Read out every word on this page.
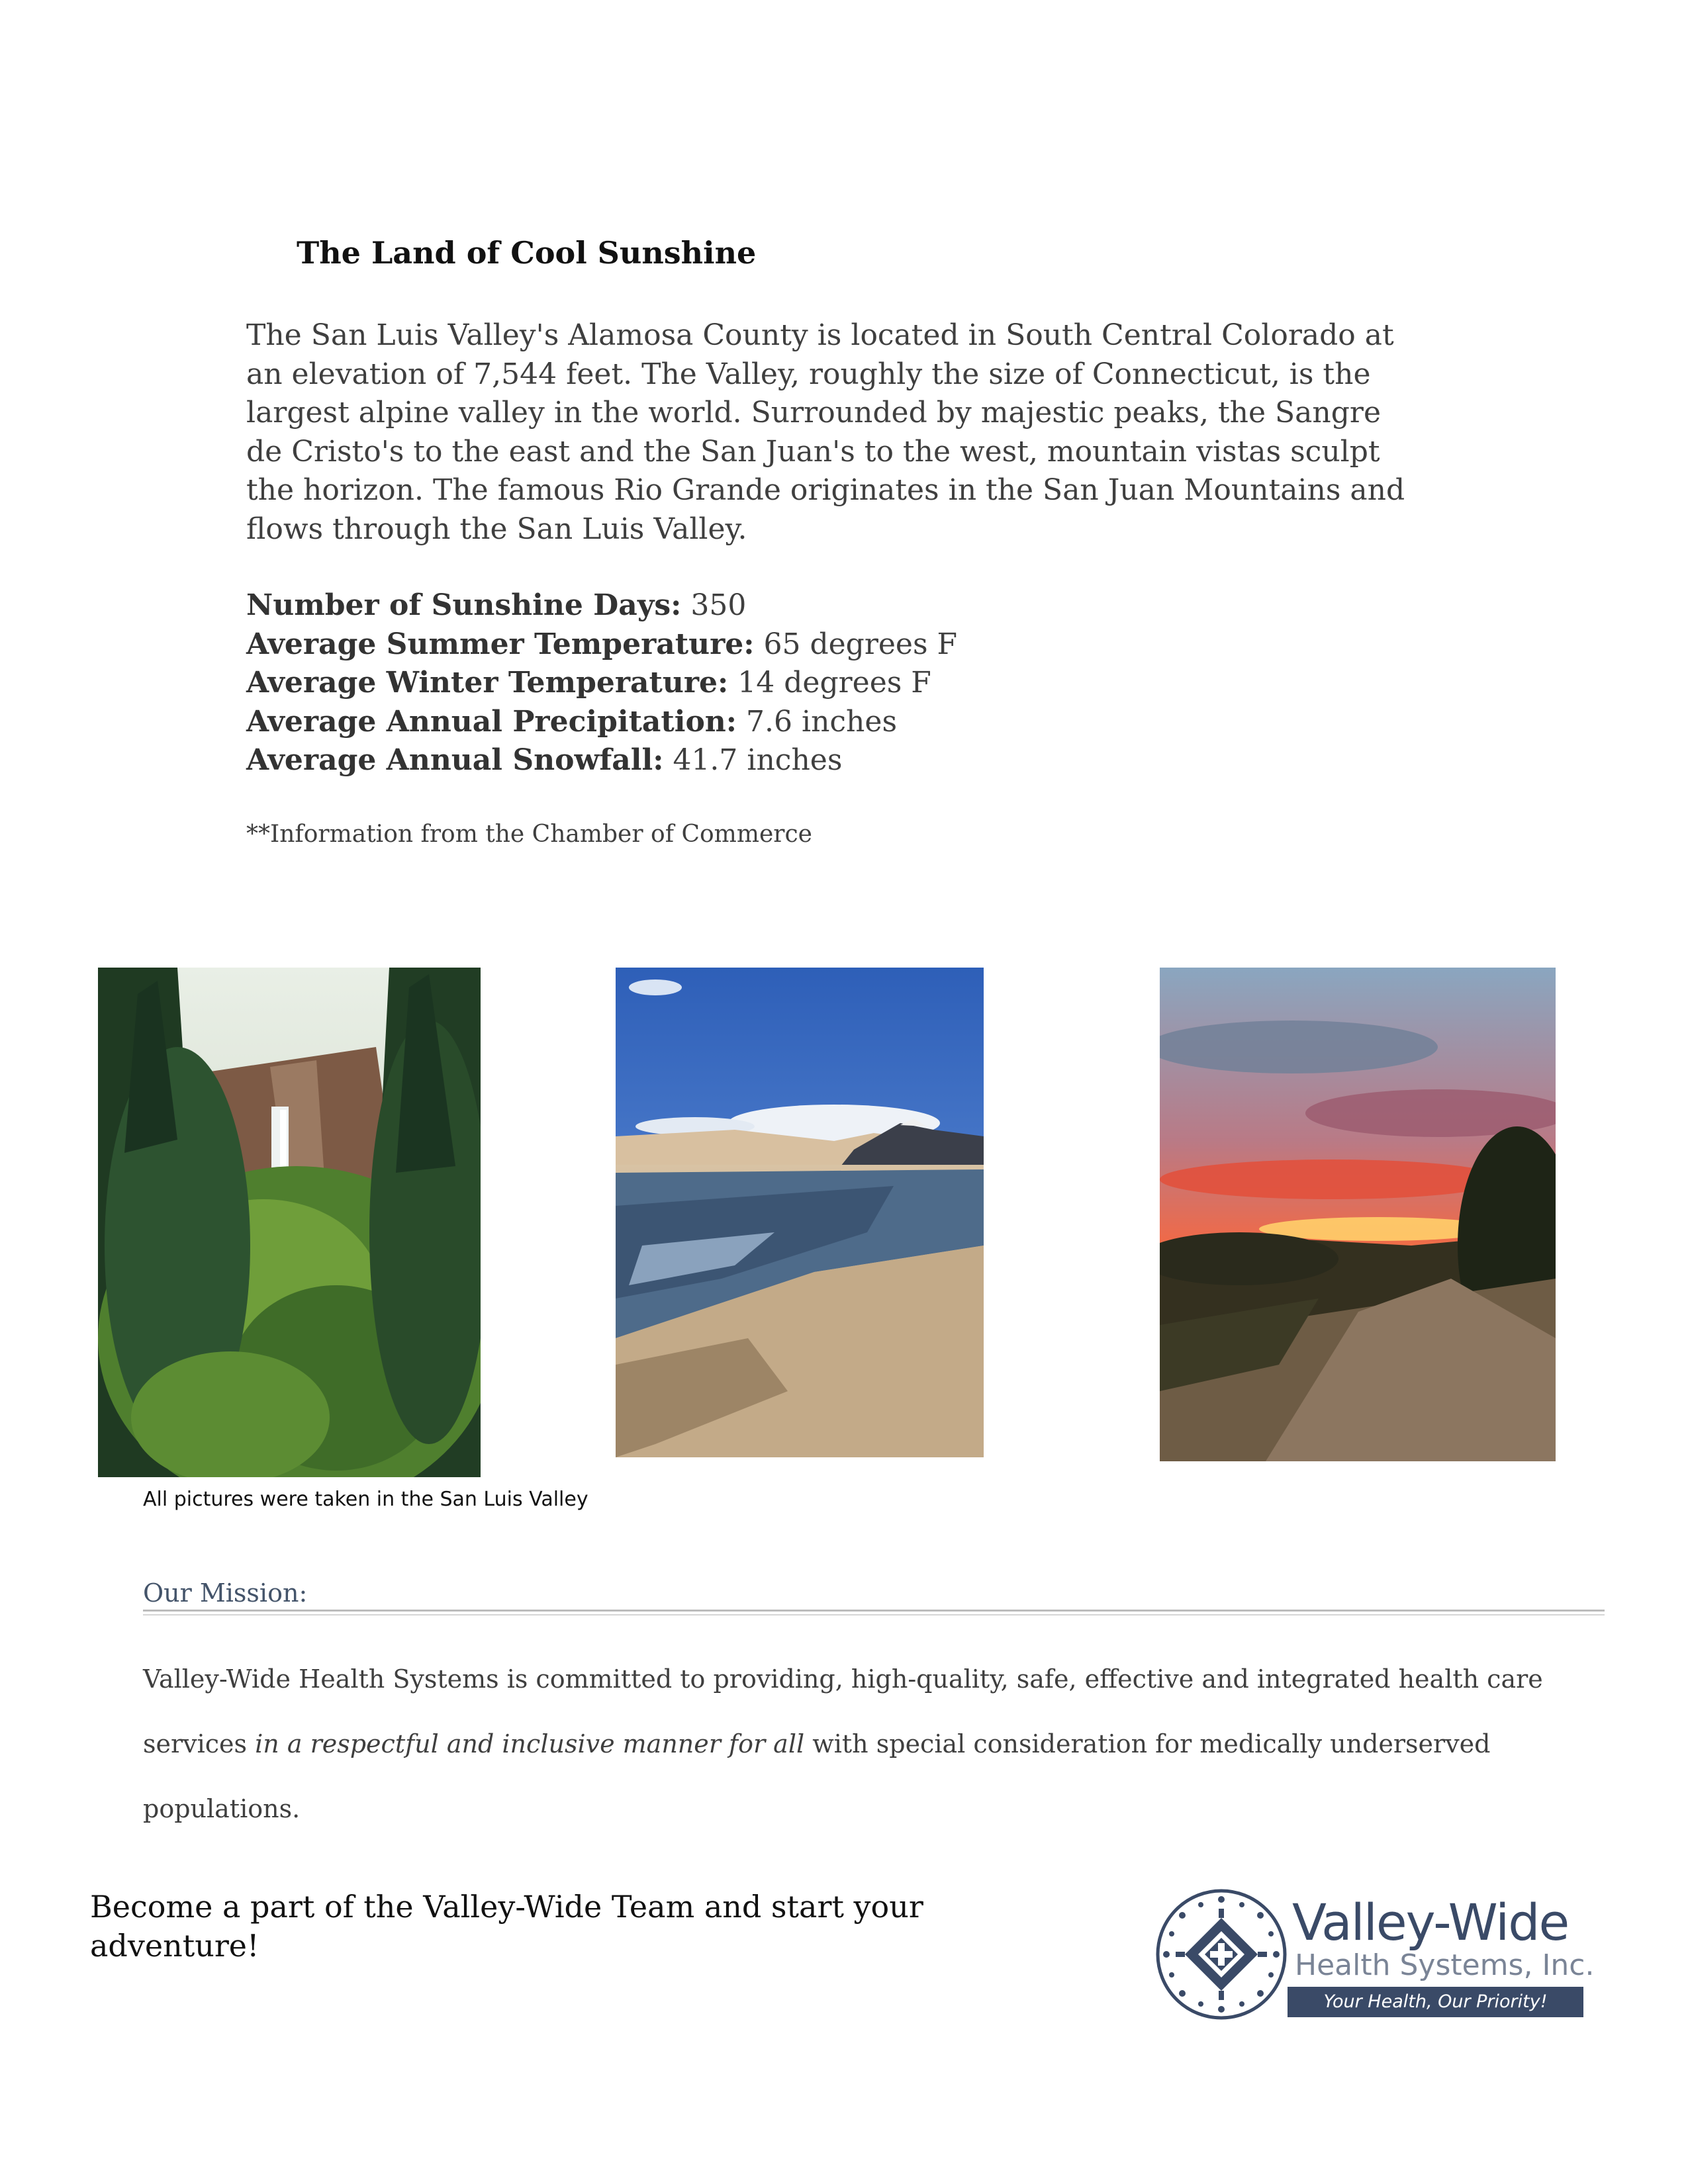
The Land of Cool Sunshine
The San Luis Valley's Alamosa County is located in South Central Colorado at an elevation of 7,544 feet. The Valley, roughly the size of Connecticut, is the largest alpine valley in the world. Surrounded by majestic peaks, the Sangre de Cristo's to the east and the San Juan's to the west, mountain vistas sculpt the horizon. The famous Rio Grande originates in the San Juan Mountains and flows through the San Luis Valley.
Number of Sunshine Days: 350
Average Summer Temperature: 65 degrees F
Average Winter Temperature: 14 degrees F
Average Annual Precipitation: 7.6 inches
Average Annual Snowfall: 41.7 inches
**Information from the Chamber of Commerce
All pictures were taken in the San Luis Valley
Our Mission:
Valley-Wide Health Systems is committed to providing, high-quality, safe, effective and integrated health care services in a respectful and inclusive manner for all with special consideration for medically underserved populations.
Become a part of the Valley-Wide Team and start your adventure!	Valley-Wide
Health Systems, Inc.
Your Health, Our Priority!
